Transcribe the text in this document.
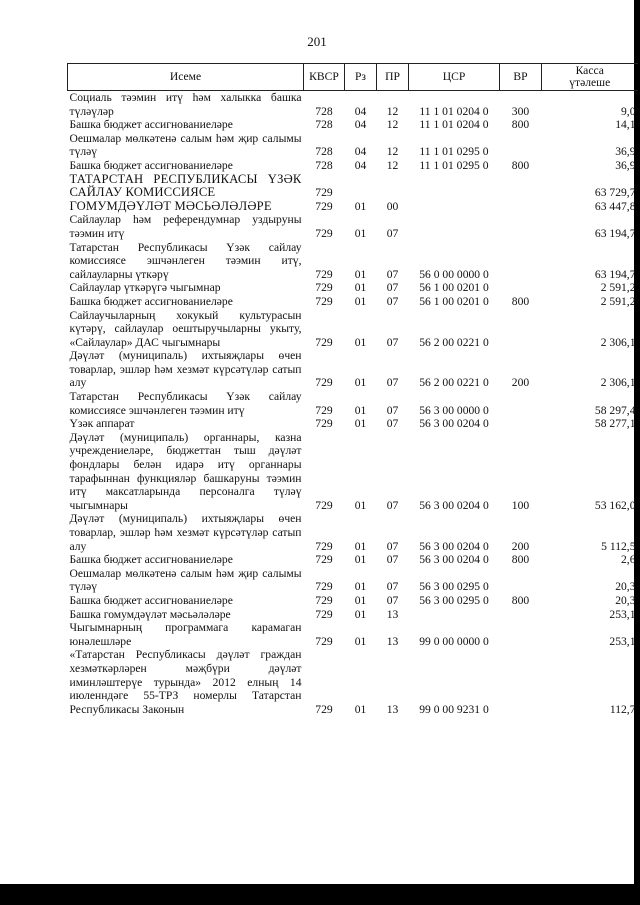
201
Исеме	КВСР	Рз	ПР	ЦСР	ВР	Касса
үтәлеше

Социаль тәэмин итү һәм халыкка башка түләүләр	728	04	12	11 1 01 0204 0	300	9,0
Башка бюджет ассигнованиеләре	728	04	12	11 1 01 0204 0	800	14,1
Оешмалар мөлкәтенә салым һәм җир салымы түләү	728	04	12	11 1 01 0295 0		36,9
Башка бюджет ассигнованиеләре	728	04	12	11 1 01 0295 0	800	36,9
ТАТАРСТАН РЕСПУБЛИКАСЫ ҮЗӘК САЙЛАУ КОМИССИЯСЕ	729					63 729,7
ГОМУМДӘҮЛӘТ МӘСЬӘЛӘЛӘРЕ	729	01	00			63 447,8
Сайлаулар һәм референдумнар уздыруны тәэмин итү	729	01	07			63 194,7
Татарстан Республикасы Үзәк сайлау комиссиясе эшчәнлеген тәэмин итү, сайлауларны үткәрү	729	01	07	56 0 00 0000 0		63 194,7
Сайлаулар үткәрүгә чыгымнар	729	01	07	56 1 00 0201 0		2 591,2
Башка бюджет ассигнованиеләре	729	01	07	56 1 00 0201 0	800	2 591,2
Сайлаучыларның хокукый культурасын күтәрү, сайлаулар оештыручыларны укыту, «Сайлаулар» ДАС чыгымнары	729	01	07	56 2 00 0221 0		2 306,1
Дәүләт (муниципаль) ихтыяҗлары өчен товарлар, эшләр һәм хезмәт күрсәтүләр сатып алу	729	01	07	56 2 00 0221 0	200	2 306,1
Татарстан Республикасы Үзәк сайлау комиссиясе эшчәнлеген тәэмин итү	729	01	07	56 3 00 0000 0		58 297,4
Үзәк аппарат	729	01	07	56 3 00 0204 0		58 277,1
Дәүләт (муниципаль) органнары, казна учреждениеләре, бюджеттан тыш дәүләт фондлары белән идарә итү органнары тарафыннан функцияләр башкаруны тәэмин итү максатларында персоналга түләү чыгымнары	729	01	07	56 3 00 0204 0	100	53 162,0
Дәүләт (муниципаль) ихтыяҗлары өчен товарлар, эшләр һәм хезмәт күрсәтүләр сатып алу	729	01	07	56 3 00 0204 0	200	5 112,5
Башка бюджет ассигнованиеләре	729	01	07	56 3 00 0204 0	800	2,6
Оешмалар мөлкәтенә салым һәм җир салымы түләү	729	01	07	56 3 00 0295 0		20,3
Башка бюджет ассигнованиеләре	729	01	07	56 3 00 0295 0	800	20,3
Башка гомумдәүләт мәсьәләләре	729	01	13			253,1
Чыгымнарның программага карамаган юнәлешләре	729	01	13	99 0 00 0000 0		253,1
«Татарстан Республикасы дәүләт граждан хезмәткәрләрен мәҗбүри дәүләт иминләштерүе турында» 2012 елның 14 июленндәге 55-ТРЗ номерлы Татарстан Республикасы Законын	729	01	13	99 0 00 9231 0		112,7
